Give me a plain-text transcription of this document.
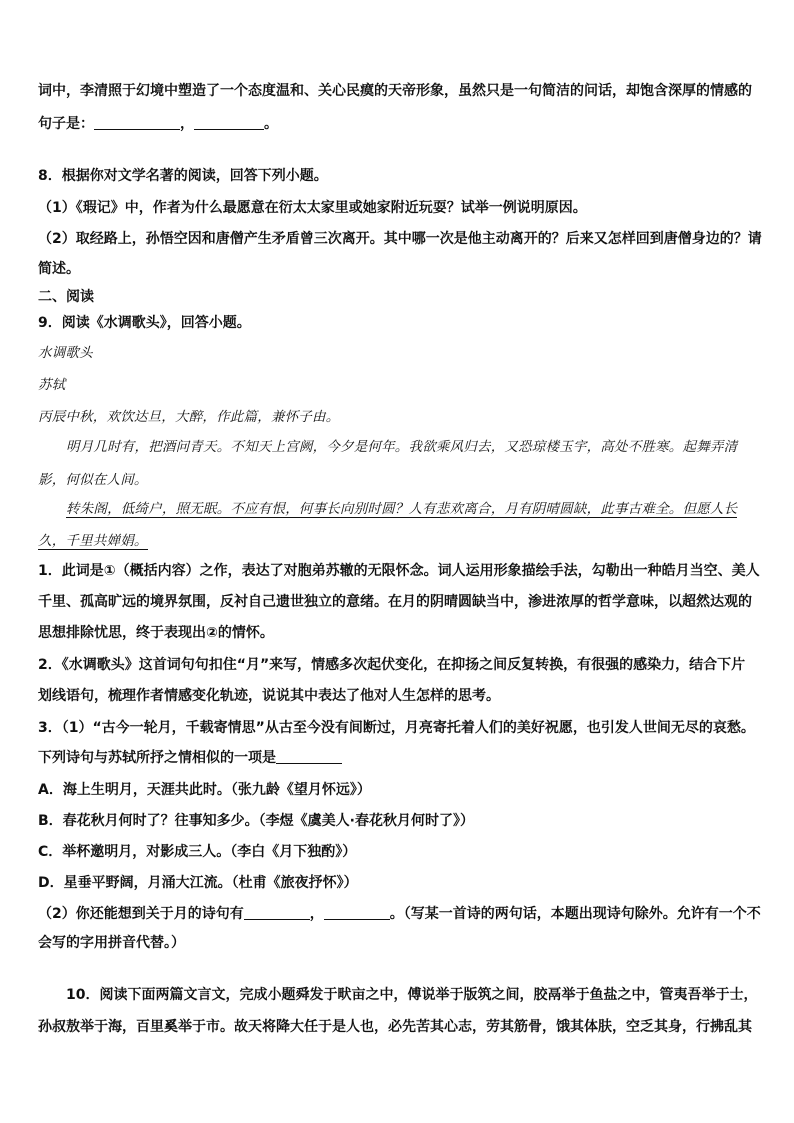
词中，李清照于幻境中塑造了一个态度温和、关心民瘼的天帝形象，虽然只是一句简洁的问话，却饱含深厚的情感的
句子是：	，	。
8．根据你对文学名著的阅读，回答下列小题。
（1）《瑕记》中，作者为什么最愿意在衍太太家里或她家附近玩耍？试举一例说明原因。
（2）取经路上，孙悟空因和唐僧产生矛盾曾三次离开。其中哪一次是他主动离开的？后来又怎样回到唐僧身边的？请
简述。
二、阅读
9．阅读《水调歌头》，回答小题。
水调歌头
苏轼
丙辰中秋，欢饮达旦，大醉，作此篇，兼怀子由。
明月几时有，把酒问青天。不知天上宫阙，今夕是何年。我欲乘风归去，又恐琼楼玉宇，高处不胜寒。起舞弄清
影，何似在人间。
转朱阁，低绮户，照无眠。不应有恨，何事长向别时圆？人有悲欢离合，月有阴晴圆缺，此事古难全。但愿人长
久，千里共婵娟。
1．此词是①（概括内容）之作，表达了对胞弟苏辙的无限怀念。词人运用形象描绘手法，勾勒出一种皓月当空、美人
千里、孤高旷远的境界氛围，反衬自己遗世独立的意绪。在月的阴晴圆缺当中，渗进浓厚的哲学意味，以超然达观的
思想排除忧思，终于表现出②的情怀。
2．《水调歌头》这首词句句扣住“月”来写，情感多次起伏变化，在抑扬之间反复转换，有很强的感染力，结合下片
划线语句，梳理作者情感变化轨迹，说说其中表达了他对人生怎样的思考。
3．（1）“古今一轮月，千载寄情思”从古至今没有间断过，月亮寄托着人们的美好祝愿，也引发人世间无尽的哀愁。
下列诗句与苏轼所抒之情相似的一项是
A．海上生明月，天涯共此时。（张九龄《望月怀远》）
B．春花秋月何时了？往事知多少。（李煜《虞美人·春花秋月何时了》）
C．举杯邀明月，对影成三人。（李白《月下独酌》）
D．星垂平野阔，月涌大江流。（杜甫《旅夜抒怀》）
（2）你还能想到关于月的诗句有	，	。（写某一首诗的两句话，本题出现诗句除外。允许有一个不
会写的字用拼音代替。）
10．阅读下面两篇文言文，完成小题舜发于畎亩之中，傅说举于版筑之间，胶鬲举于鱼盐之中，管夷吾举于士，
孙叔敖举于海，百里奚举于市。故天将降大任于是人也，必先苦其心志，劳其筋骨，饿其体肤，空乏其身，行拂乱其
